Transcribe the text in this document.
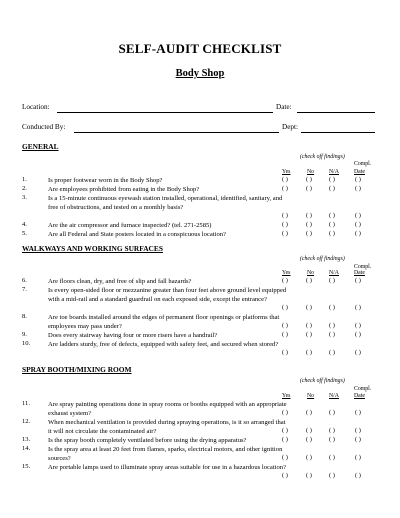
SELF-AUDIT CHECKLIST
Body Shop
Location:	Date:
Conducted By:	Dept:
GENERAL
(check off findings)
Compl.
Yes	No	N/A	Date
1.	Is proper footwear worn in the Body Shop?	( )	( )	( )	( )
2.	Are employees prohibited from eating in the Body Shop?	( )	( )	( )	( )
3.	Is a 15-minute continuous eyewash station installed, operational, identified, sanitary, and free of obstructions, and tested on a monthly basis?
( )	( )	( )	( )
4.	Are the air compressor and furnace inspected? (tel. 271-2585)	( )	( )	( )	( )
5.	Are all Federal and State posters located in a conspicuous location?	( )	( )	( )	( )
WALKWAYS AND WORKING SURFACES
(check off findings)
Compl.
Yes	No	N/A	Date
6.	Are floors clean, dry, and free of slip and fall hazards?	( )	( )	( )	( )
7.	Is every open-sided floor or mezzanine greater than four feet above ground level equipped with a mid-rail and a standard guardrail on each exposed side, except the entrance?
( )	( )	( )	( )
8.	Are toe boards installed around the edges of permanent floor openings or platforms that employees may pass under?	( )	( )	( )	( )
9.	Does every stairway having four or more risers have a handrail?	( )	( )	( )	( )
10.	Are ladders sturdy, free of defects, equipped with safety feet, and secured when stored?
( )	( )	( )	( )
SPRAY BOOTH/MIXING ROOM
(check off findings)
Compl.
Yes	No	N/A	Date
11.	Are spray painting operations done in spray rooms or booths equipped with an appropriate exhaust system?	( )	( )	( )	( )
12.	When mechanical ventilation is provided during spraying operations, is it so arranged that it will not circulate the contaminated air?	( )	( )	( )	( )
13.	Is the spray booth completely ventilated before using the drying apparatus?	( )	( )	( )	( )
14.	Is the spray area at least 20 feet from flames, sparks, electrical motors, and other ignition sources?	( )	( )	( )	( )
15.	Are portable lamps used to illuminate spray areas suitable for use in a hazardous location?
( )	( )	( )	( )
